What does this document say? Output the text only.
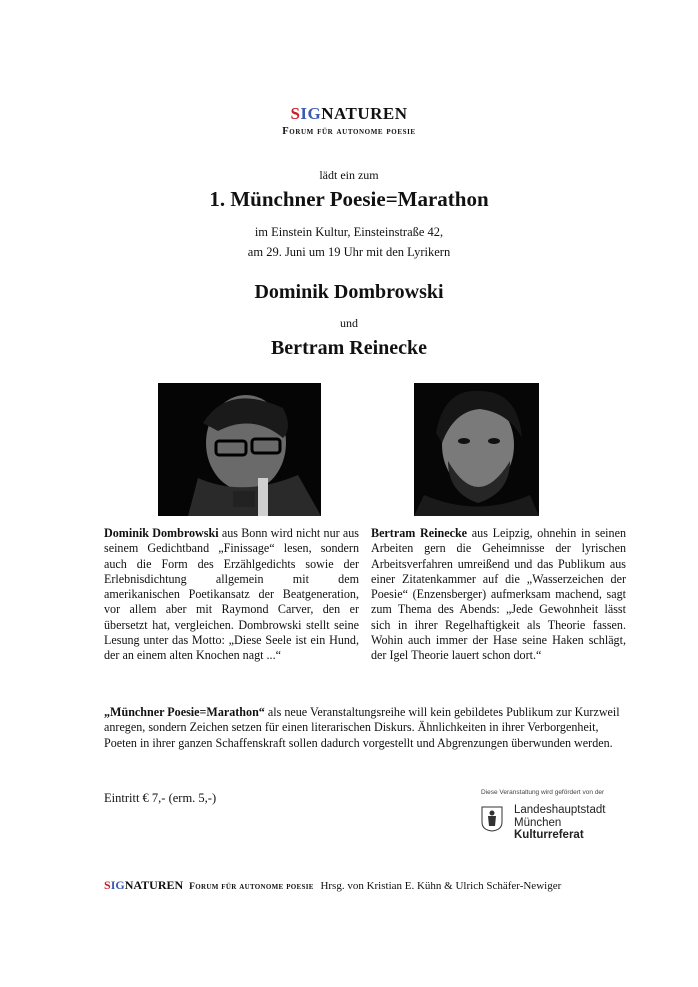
SIGNATUREN
Forum für autonome poesie
lädt ein zum
1. Münchner Poesie=Marathon
im Einstein Kultur, Einsteinstraße 42,
am 29. Juni um 19 Uhr mit den Lyrikern
Dominik Dombrowski
und
Bertram Reinecke
Dominik Dombrowski aus Bonn wird nicht nur aus seinem Gedichtband „Finissage“ lesen, sondern auch die Form des Erzählgedichts sowie der Erlebnisdichtung allgemein mit dem amerikanischen Poetikansatz der Beatgeneration, vor allem aber mit Raymond Carver, den er übersetzt hat, vergleichen. Dombrowski stellt seine Lesung unter das Motto: „Diese Seele ist ein Hund, der an einem alten Knochen nagt ...“
Bertram Reinecke aus Leipzig, ohnehin in seinen Arbeiten gern die Geheimnisse der lyrischen Arbeitsverfahren umreißend und das Publikum aus einer Zitatenkammer auf die „Wasserzeichen der Poesie“ (Enzensberger) aufmerksam machend, sagt zum Thema des Abends: „Jede Gewohnheit lässt sich in ihrer Regelhaftigkeit als Theorie fassen. Wohin auch immer der Hase seine Haken schlägt, der Igel Theorie lauert schon dort.“
„Münchner Poesie=Marathon“ als neue Veranstaltungsreihe will kein gebildetes Publikum zur Kurzweil anregen, sondern Zeichen setzen für einen literarischen Diskurs. Ähnlichkeiten in ihrer Verborgenheit, Poeten in ihrer ganzen Schaffenskraft sollen dadurch vorgestellt und Abgrenzungen überwunden werden.
Eintritt € 7,- (erm. 5,-)	Diese Veranstaltung wird gefördert von der
Landeshauptstadt
München
Kulturreferat
SIGNATUREN Forum für autonome poesie Hrsg. von Kristian E. Kühn & Ulrich Schäfer-Newiger
